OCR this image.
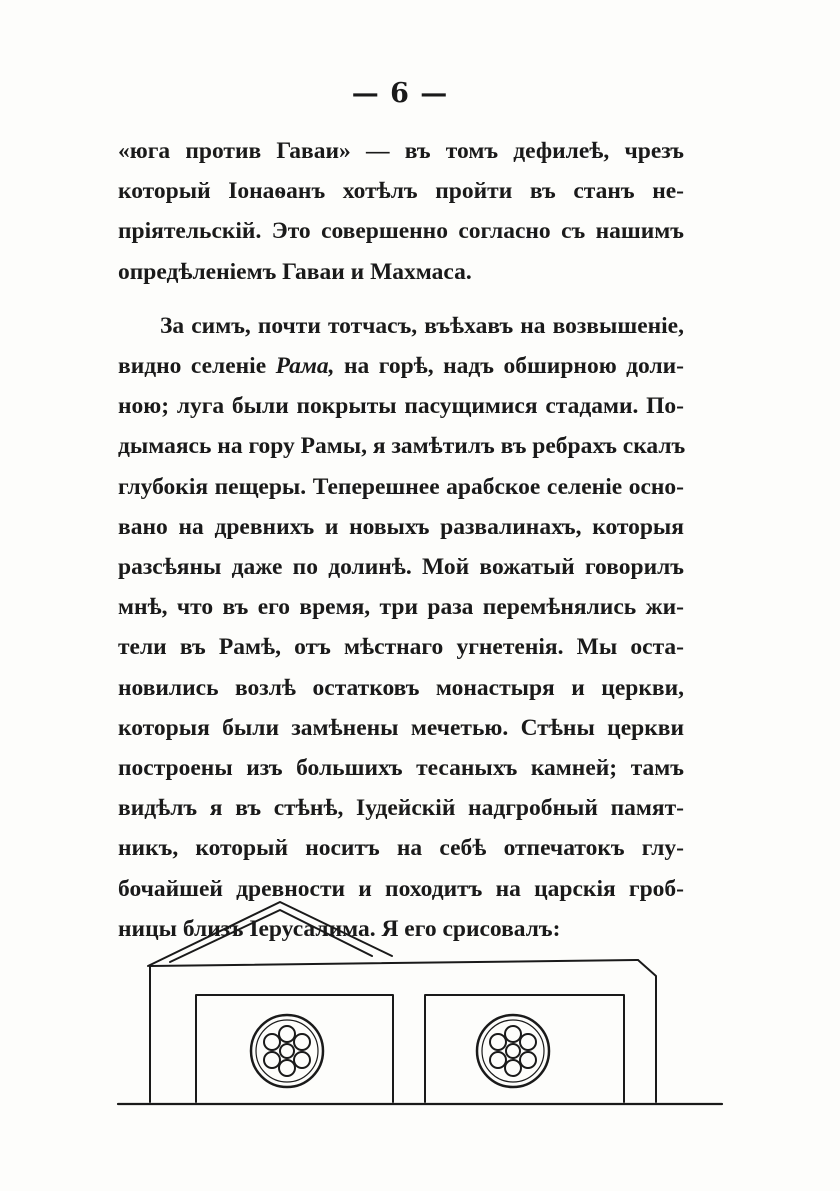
— 6 —
«юга против Гаваи» — въ томъ дефилеѣ, чрезъ
который Іонаѳанъ хотѣлъ пройти въ станъ не-
пріятельскій. Это совершенно согласно съ нашимъ
опредѣленіемъ Гаваи и Махмаса.
За симъ, почти тотчасъ, въѣхавъ на возвышеніе,
видно селеніе Рама, на горѣ, надъ обширною доли-
ною; луга были покрыты пасущимися стадами. По-
дымаясь на гору Рамы, я замѣтилъ въ ребрахъ скалъ
глубокія пещеры. Теперешнее арабское селеніе осно-
вано на древнихъ и новыхъ развалинахъ, которыя
разсѣяны даже по долинѣ. Мой вожатый говорилъ
мнѣ, что въ его время, три раза перемѣнялись жи-
тели въ Рамѣ, отъ мѣстнаго угнетенія. Мы оста-
новились возлѣ остатковъ монастыря и церкви,
которыя были замѣнены мечетью. Стѣны церкви
построены изъ большихъ тесаныхъ камней; тамъ
видѣлъ я въ стѣнѣ, Іудейскій надгробный памят-
никъ, который носитъ на себѣ отпечатокъ глу-
бочайшей древности и походитъ на царскія гроб-
ницы близъ Іерусалима. Я его срисовалъ:
